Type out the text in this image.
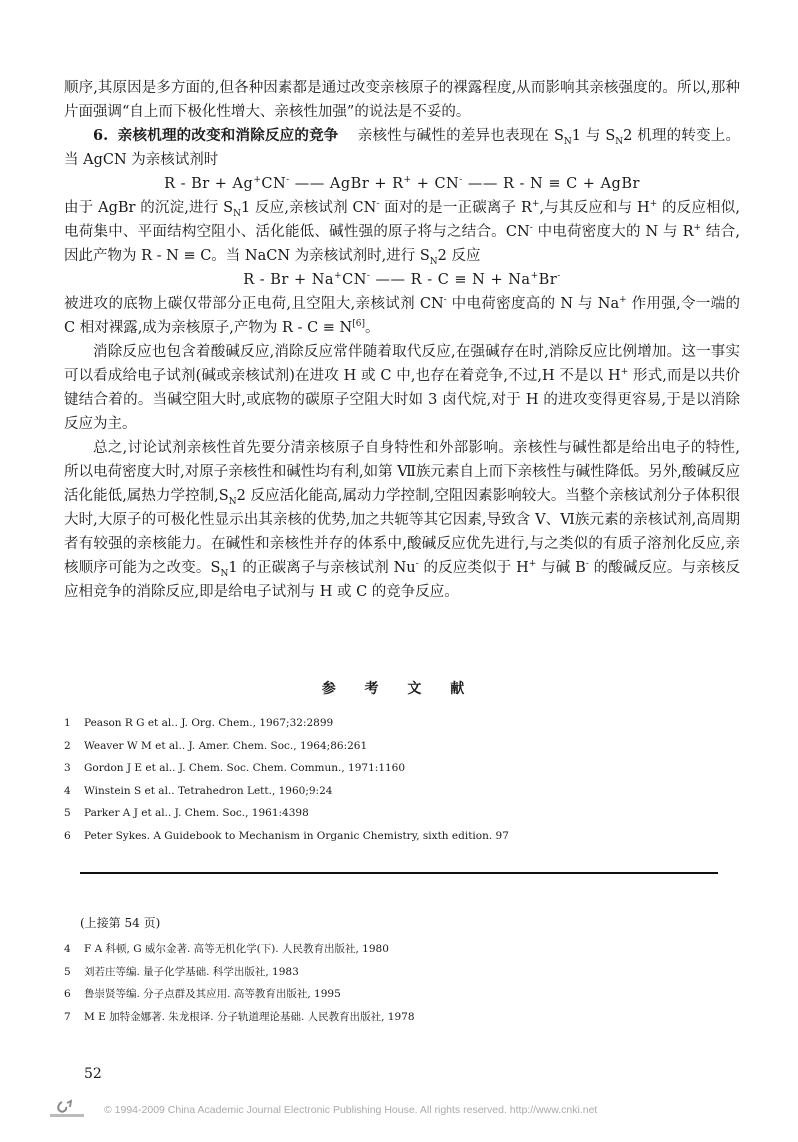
顺序,其原因是多方面的,但各种因素都是通过改变亲核原子的裸露程度,从而影响其亲核强度的。所以,那种片面强调“自上而下极化性增大、亲核性加强”的说法是不妥的。

6. 亲核机理的改变和消除反应的竞争 亲核性与碱性的差异也表现在 $S_N1$ 与 $S_N2$ 机理的转变上。当 AgCN 为亲核试剂时

R - Br + Ag+CN- —— AgBr + R+ + CN- —— R - N ≡ C + AgBr

由于 AgBr 的沉淀,进行 $S_N1$ 反应,亲核试剂 CN- 面对的是一正碳离子 R+,与其反应和与 H+ 的反应相似,电荷集中、平面结构空阻小、活化能低、碱性强的原子将与之结合。CN- 中电荷密度大的 N 与 R+ 结合,因此产物为 R - N ≡ C。当 NaCN 为亲核试剂时,进行 $S_N2$ 反应

R - Br + Na+CN- —— R - C ≡ N + Na+Br-

被进攻的底物上碳仅带部分正电荷,且空阻大,亲核试剂 CN- 中电荷密度高的 N 与 Na+ 作用强,令一端的 C 相对裸露,成为亲核原子,产物为 R - C ≡ N[6]。

消除反应也包含着酸碱反应,消除反应常伴随着取代反应,在强碱存在时,消除反应比例增加。这一事实可以看成给电子试剂(碱或亲核试剂)在进攻 H 或 C 中,也存在着竞争,不过,H 不是以 H+ 形式,而是以共价键结合着的。当碱空阻大时,或底物的碳原子空阻大时如 3 卤代烷,对于 H 的进攻变得更容易,于是以消除反应为主。

总之,讨论试剂亲核性首先要分清亲核原子自身特性和外部影响。亲核性与碱性都是给出电子的特性,所以电荷密度大时,对原子亲核性和碱性均有利,如第 Ⅶ族元素自上而下亲核性与碱性降低。另外,酸碱反应活化能低,属热力学控制$,S_N2$ 反应活化能高,属动力学控制,空阻因素影响较大。当整个亲核试剂分子体积很大时,大原子的可极化性显示出其亲核的优势,加之共轭等其它因素,导致含 Ⅴ、Ⅵ族元素的亲核试剂,高周期者有较强的亲核能力。在碱性和亲核性并存的体系中,酸碱反应优先进行,与之类似的有质子溶剂化反应,亲核顺序可能为之改变。$S_N1$ 的正碳离子与亲核试剂 Nu- 的反应类似于 H+ 与碱 B- 的酸碱反应。与亲核反应相竞争的消除反应,即是给电子试剂与 H 或 C 的竞争反应。

参 考 文 献
1	Peason R G et al.. J. Org. Chem., 1967;32:2899
2	Weaver W M et al.. J. Amer. Chem. Soc., 1964;86:261
3	Gordon J E et al.. J. Chem. Soc. Chem. Commun., 1971:1160
4	Winstein S et al.. Tetrahedron Lett., 1960;9:24
5	Parker A J et al.. J. Chem. Soc., 1961:4398
6	Peter Sykes. A Guidebook to Mechanism in Organic Chemistry, sixth edition. 97
(上接第 54 页)
4	F A 科顿, G 威尔金著. 高等无机化学(下). 人民教育出版社, 1980
5	刘若庄等编. 量子化学基础. 科学出版社, 1983
6	鲁崇贤等编. 分子点群及其应用. 高等教育出版社, 1995
7	M E 加特金娜著. 朱龙根译. 分子轨道理论基础. 人民教育出版社, 1978
52
© 1994-2009 China Academic Journal Electronic Publishing House. All rights reserved. http://www.cnki.net
